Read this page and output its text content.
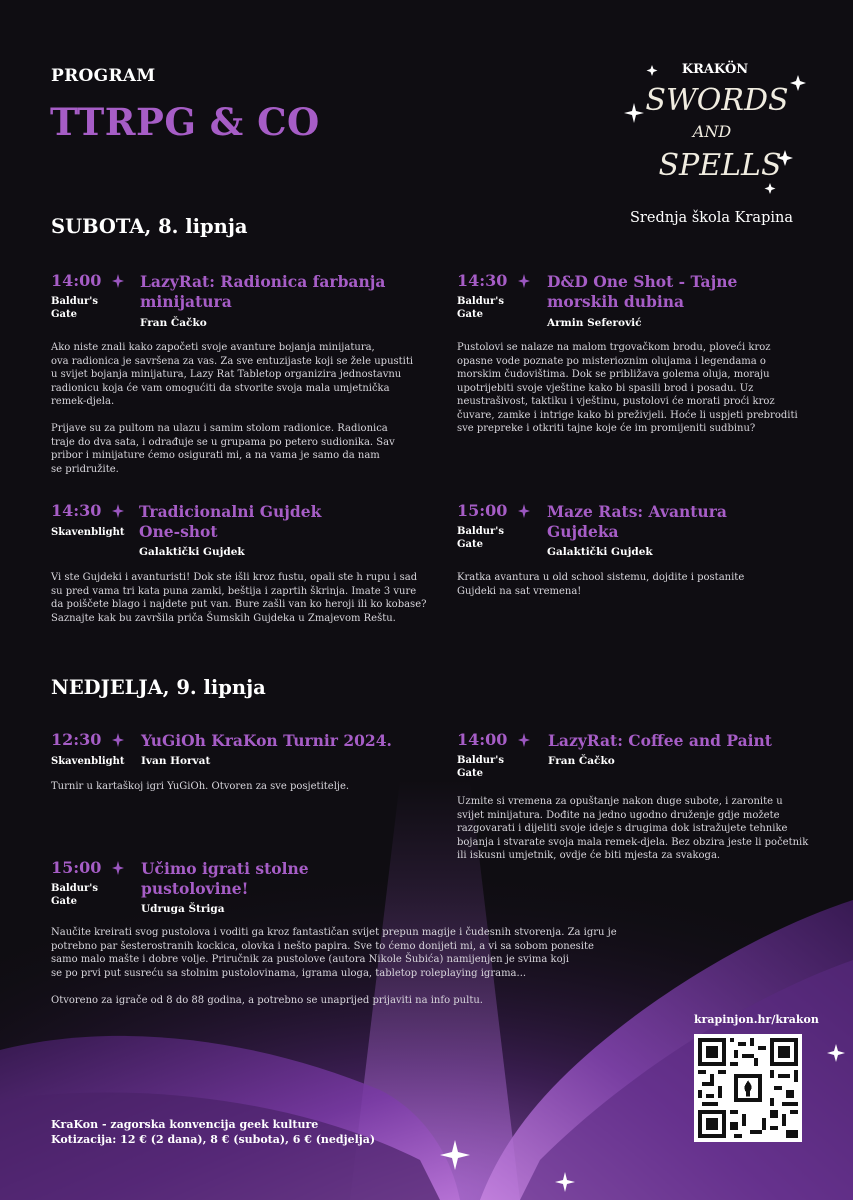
PROGRAM
TTRPG & CO
KRAKÖN
SWORDS
AND
SPELLS
Srednja škola Krapina
SUBOTA, 8. lipnja
14:00
Baldur's
Gate
LazyRat: Radionica farbanja
minijatura
Fran Čačko

Ako niste znali kako započeti svoje avanture bojanja minijatura,

ova radionica je savršena za vas. Za sve entuzijaste koji se žele upustiti

u svijet bojanja minijatura, Lazy Rat Tabletop organizira jednostavnu

radionicu koja će vam omogućiti da stvorite svoja mala umjetnička

remek-djela.

Prijave su za pultom na ulazu i samim stolom radionice. Radionica

traje do dva sata, i odrađuje se u grupama po petero sudionika. Sav

pribor i minijature ćemo osigurati mi, a na vama je samo da nam

se pridružite.

14:30
Baldur's
Gate
D&D One Shot - Tajne
morskih dubina
Armin Seferović

Pustolovi se nalaze na malom trgovačkom brodu, ploveći kroz

opasne vode poznate po misterioznim olujama i legendama o

morskim čudovištima. Dok se približava golema oluja, moraju

upotrijebiti svoje vještine kako bi spasili brod i posadu. Uz

neustrašivost, taktiku i vještinu, pustolovi će morati proći kroz

čuvare, zamke i intrige kako bi preživjeli. Hoće li uspjeti prebroditi

sve prepreke i otkriti tajne koje će im promijeniti sudbinu?

14:30
Skavenblight
Tradicionalni Gujdek
One-shot
Galaktički Gujdek

Vi ste Gujdeki i avanturisti! Dok ste išli kroz fustu, opali ste h rupu i sad

su pred vama tri kata puna zamki, beštija i zaprtih škrinja. Imate 3 vure

da poiščete blago i najdete put van. Bure zašli van ko heroji ili ko kobase?

Saznajte kak bu završila priča Šumskih Gujdeka u Zmajevom Reštu.

15:00
Baldur's
Gate
Maze Rats: Avantura
Gujdeka
Galaktički Gujdek

Kratka avantura u old school sistemu, dojdite i postanite

Gujdeki na sat vremena!

NEDJELJA, 9. lipnja
12:30
Skavenblight
YuGiOh KraKon Turnir 2024.
Ivan Horvat

Turnir u kartaškoj igri YuGiOh. Otvoren za sve posjetitelje.

14:00
Baldur's
Gate
LazyRat: Coffee and Paint
Fran Čačko

Uzmite si vremena za opuštanje nakon duge subote, i zaronite u

svijet minijatura. Dođite na jedno ugodno druženje gdje možete

razgovarati i dijeliti svoje ideje s drugima dok istražujete tehnike

bojanja i stvarate svoja mala remek-djela. Bez obzira jeste li početnik

ili iskusni umjetnik, ovdje će biti mjesta za svakoga.

15:00
Baldur's
Gate
Učimo igrati stolne
pustolovine!
Udruga Štriga

Naučite kreirati svog pustolova i voditi ga kroz fantastičan svijet prepun magije i čudesnih stvorenja. Za igru je

potrebno par šesterostranih kockica, olovka i nešto papira. Sve to ćemo donijeti mi, a vi sa sobom ponesite

samo malo mašte i dobre volje. Priručnik za pustolove (autora Nikole Šubića) namijenjen je svima koji

se po prvi put susreću sa stolnim pustolovinama, igrama uloga, tabletop roleplaying igrama...

Otvoreno za igrače od 8 do 88 godina, a potrebno se unaprijed prijaviti na info pultu.

krapinjon.hr/krakon
KraKon - zagorska konvencija geek kulture
Kotizacija: 12 € (2 dana), 8 € (subota), 6 € (nedjelja)
